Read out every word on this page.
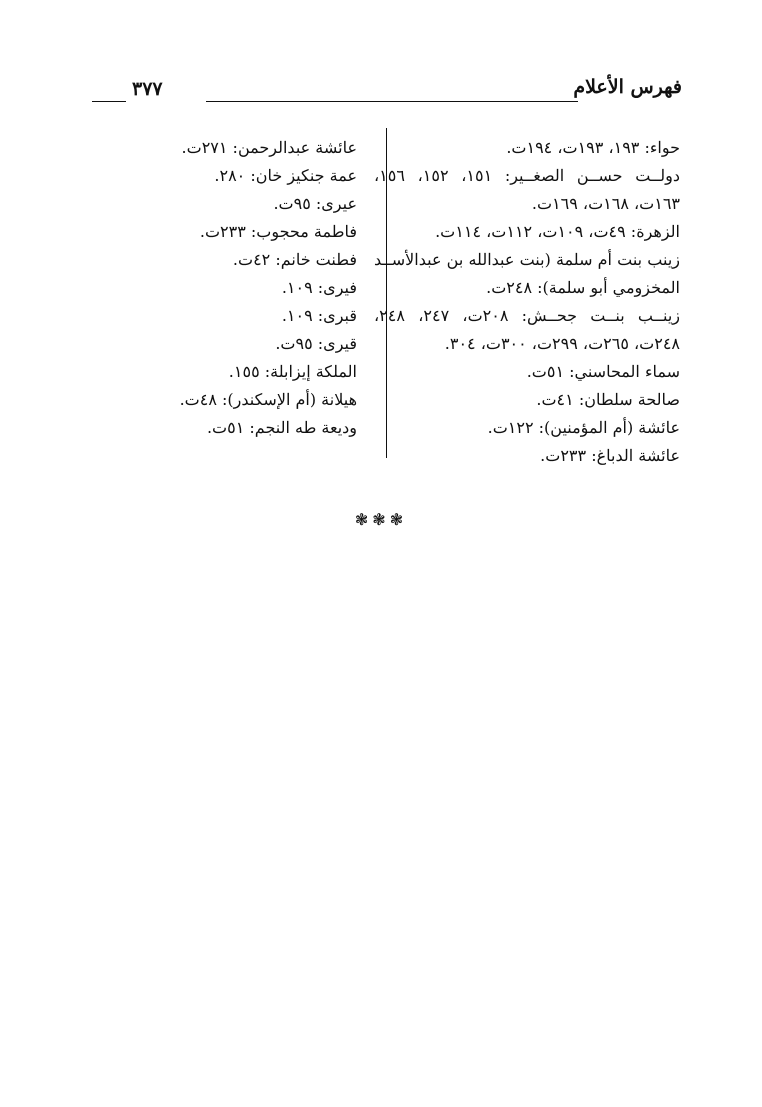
فهرس الأعلام
٣٧٧
حواء: ١٩٣، ١٩٣ت، ١٩٤ت.
دولــت حســن الصغــير: ١٥١، ١٥٢، ١٥٦، ١٦٣ت، ١٦٨ت، ١٦٩ت.
الزهرة: ٤٩ت، ١٠٩ت، ١١٢ت، ١١٤ت.
زينب بنت أم سلمة (بنت عبدالله بن عبدالأســد المخزومي أبو سلمة): ٢٤٨ت.
زينــب بنــت جحــش: ٢٠٨ت، ٢٤٧، ٢٤٨، ٢٤٨ت، ٢٦٥ت، ٢٩٩ت، ٣٠٠ت، ٣٠٤.
سماء المحاسني: ٥١ت.
صالحة سلطان: ٤١ت.
عائشة (أم المؤمنين): ١٢٢ت.
عائشة الدباغ: ٢٣٣ت.
عائشة عبدالرحمن: ٢٧١ت.
عمة جنكيز خان: ٢٨٠.
عيرى: ٩٥ت.
فاطمة محجوب: ٢٣٣ت.
فطنت خانم: ٤٢ت.
فيرى: ١٠٩.
قبرى: ١٠٩.
قيرى: ٩٥ت.
الملكة إيزابلة: ١٥٥.
هيلانة (أم الإسكندر): ٤٨ت.
وديعة طه النجم: ٥١ت.
❃❃❃
